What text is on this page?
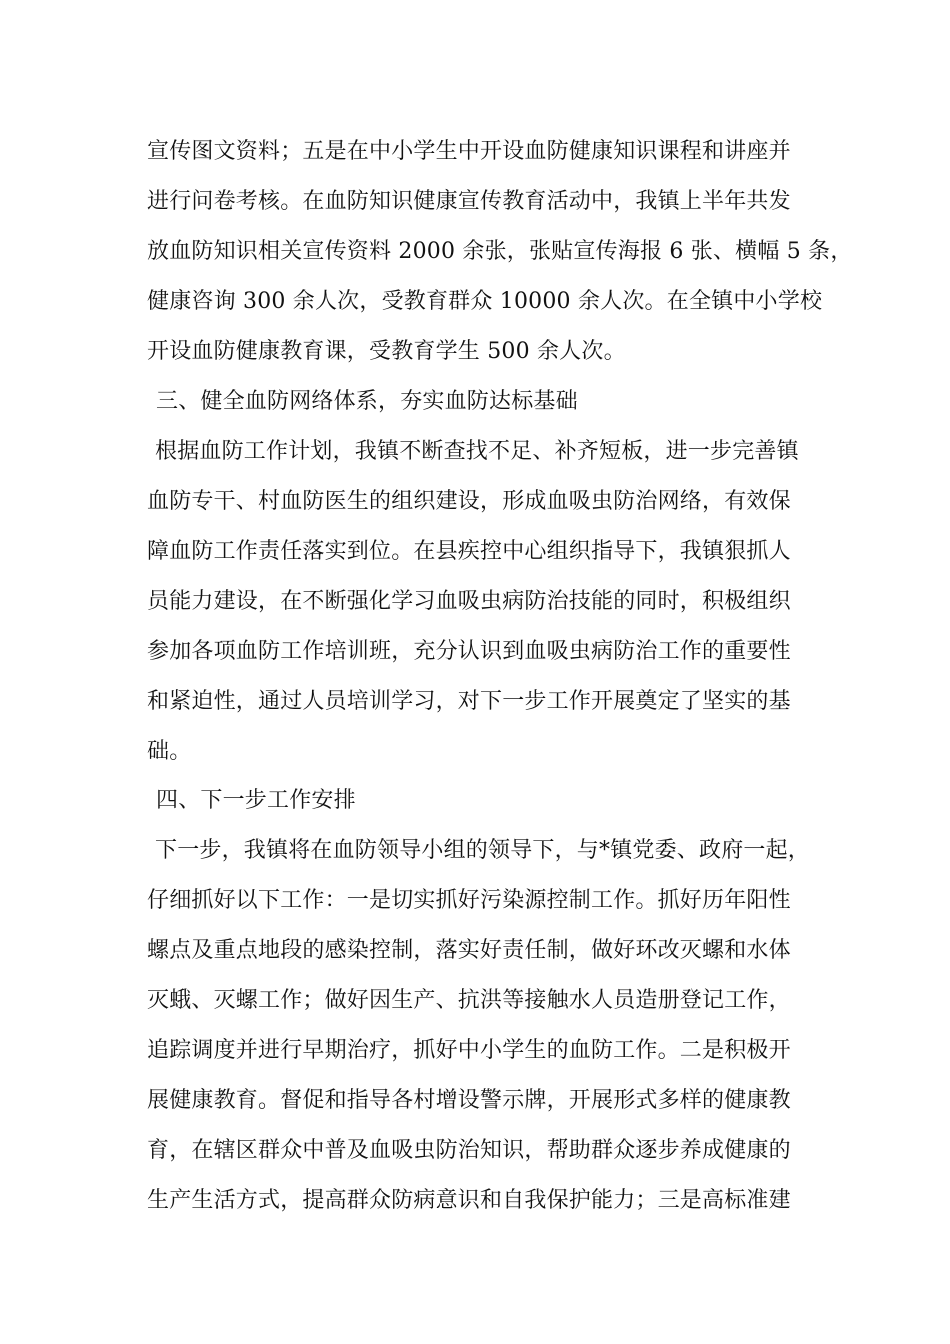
宣传图文资料；五是在中小学生中开设血防健康知识课程和讲座并
进行问卷考核。在血防知识健康宣传教育活动中，我镇上半年共发
放血防知识相关宣传资料 2000 余张，张贴宣传海报 6 张、横幅 5 条，
健康咨询 300 余人次，受教育群众 10000 余人次。在全镇中小学校
开设血防健康教育课，受教育学生 500 余人次。
三、健全血防网络体系，夯实血防达标基础
根据血防工作计划，我镇不断查找不足、补齐短板，进一步完善镇
血防专干、村血防医生的组织建设，形成血吸虫防治网络，有效保
障血防工作责任落实到位。在县疾控中心组织指导下，我镇狠抓人
员能力建设，在不断强化学习血吸虫病防治技能的同时，积极组织
参加各项血防工作培训班，充分认识到血吸虫病防治工作的重要性
和紧迫性，通过人员培训学习，对下一步工作开展奠定了坚实的基
础。
四、下一步工作安排
下一步，我镇将在血防领导小组的领导下，与*镇党委、政府一起，
仔细抓好以下工作：一是切实抓好污染源控制工作。抓好历年阳性
螺点及重点地段的感染控制，落实好责任制，做好环改灭螺和水体
灭蛾、灭螺工作；做好因生产、抗洪等接触水人员造册登记工作，
追踪调度并进行早期治疗，抓好中小学生的血防工作。二是积极开
展健康教育。督促和指导各村增设警示牌，开展形式多样的健康教
育，在辖区群众中普及血吸虫防治知识，帮助群众逐步养成健康的
生产生活方式，提高群众防病意识和自我保护能力；三是高标准建
